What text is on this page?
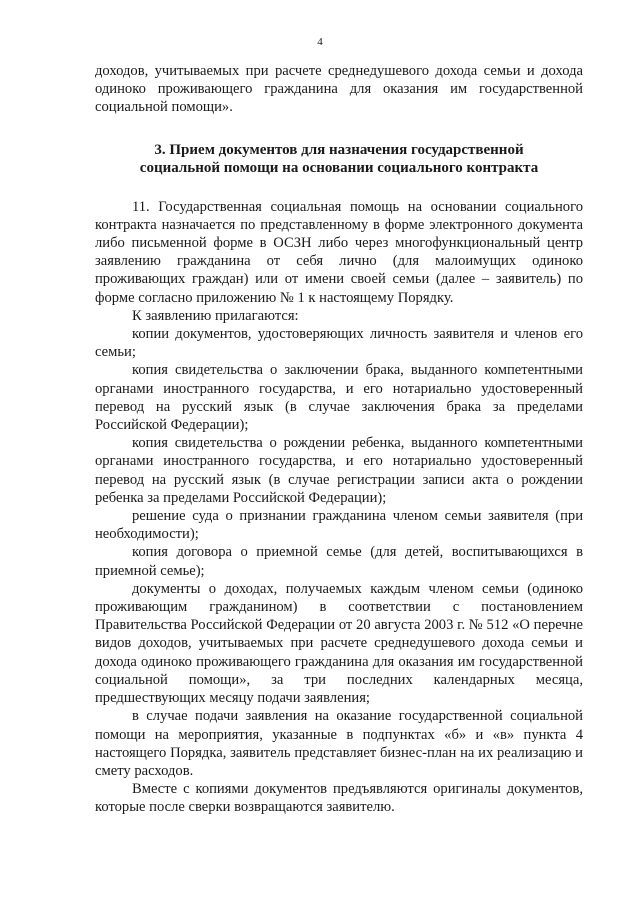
4

доходов, учитываемых при расчете среднедушевого дохода семьи и дохода одиноко проживающего гражданина для оказания им государственной социальной помощи».

3. Прием документов для назначения государственной
социальной помощи на основании социального контракта

11. Государственная социальная помощь на основании социального контракта назначается по представленному в форме электронного документа либо письменной форме в ОСЗН либо через многофункциональный центр заявлению гражданина от себя лично (для малоимущих одиноко проживающих граждан) или от имени своей семьи (далее – заявитель) по форме согласно приложению № 1 к настоящему Порядку.

К заявлению прилагаются:

копии документов, удостоверяющих личность заявителя и членов его семьи;

копия свидетельства о заключении брака, выданного компетентными органами иностранного государства, и его нотариально удостоверенный перевод на русский язык (в случае заключения брака за пределами Российской Федерации);

копия свидетельства о рождении ребенка, выданного компетентными органами иностранного государства, и его нотариально удостоверенный перевод на русский язык (в случае регистрации записи акта о рождении ребенка за пределами Российской Федерации);

решение суда о признании гражданина членом семьи заявителя (при необходимости);

копия договора о приемной семье (для детей, воспитывающихся в приемной семье);

документы о доходах, получаемых каждым членом семьи (одиноко проживающим гражданином) в соответствии с постановлением Правительства Российской Федерации от 20 августа 2003 г. № 512 «О перечне видов доходов, учитываемых при расчете среднедушевого дохода семьи и дохода одиноко проживающего гражданина для оказания им государственной социальной помощи», за три последних календарных месяца, предшествующих месяцу подачи заявления;

в случае подачи заявления на оказание государственной социальной помощи на мероприятия, указанные в подпунктах «б» и «в» пункта 4 настоящего Порядка, заявитель представляет бизнес-план на их реализацию и смету расходов.

Вместе с копиями документов предъявляются оригиналы документов, которые после сверки возвращаются заявителю.
